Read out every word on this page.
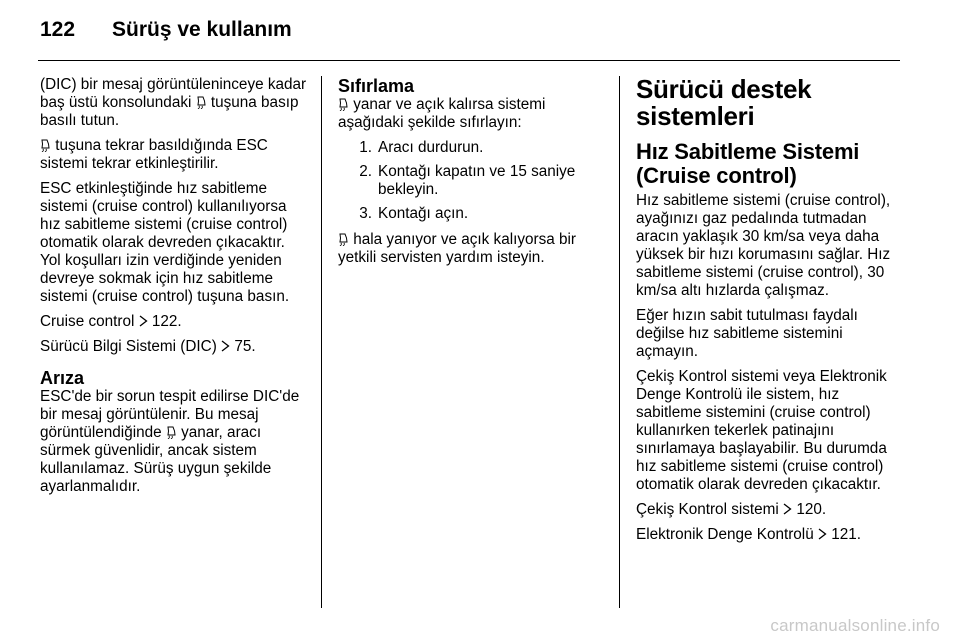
122	Sürüş ve kullanım

(DIC) bir mesaj görüntüleninceye kadar baş üstü konsolundaki tuşuna basıp basılı tutun.

tuşuna tekrar basıldığında ESC sistemi tekrar etkinleştirilir.

ESC etkinleştiğinde hız sabitleme sistemi (cruise control) kullanılıyorsa hız sabitleme sistemi (cruise control) otomatik olarak devreden çıkacaktır. Yol koşulları izin verdiğinde yeniden devreye sokmak için hız sabitleme sistemi (cruise control) tuşuna basın.

Cruise control 122.

Sürücü Bilgi Sistemi (DIC) 75.

Arıza

ESC'de bir sorun tespit edilirse DIC'de bir mesaj görüntülenir. Bu mesaj görüntülendiğinde yanar, aracı sürmek güvenlidir, ancak sistem kullanılamaz. Sürüş uygun şekilde ayarlanmalıdır.

Sıfırlama

yanar ve açık kalırsa sistemi aşağıdaki şekilde sıfırlayın:

1. Aracı durdurun.
2. Kontağı kapatın ve 15 saniye bekleyin.
3. Kontağı açın.

hala yanıyor ve açık kalıyorsa bir yetkili servisten yardım isteyin.

Sürücü destek sistemleri
Hız Sabitleme Sistemi (Cruise control)

Hız sabitleme sistemi (cruise control), ayağınızı gaz pedalında tutmadan aracın yaklaşık 30 km/sa veya daha yüksek bir hızı korumasını sağlar. Hız sabitleme sistemi (cruise control), 30 km/sa altı hızlarda çalışmaz.

Eğer hızın sabit tutulması faydalı değilse hız sabitleme sistemini açmayın.

Çekiş Kontrol sistemi veya Elektronik Denge Kontrolü ile sistem, hız sabitleme sistemini (cruise control) kullanırken tekerlek patinajını sınırlamaya başlayabilir. Bu durumda hız sabitleme sistemi (cruise control) otomatik olarak devreden çıkacaktır.

Çekiş Kontrol sistemi 120.

Elektronik Denge Kontrolü 121.

carmanualsonline.info
